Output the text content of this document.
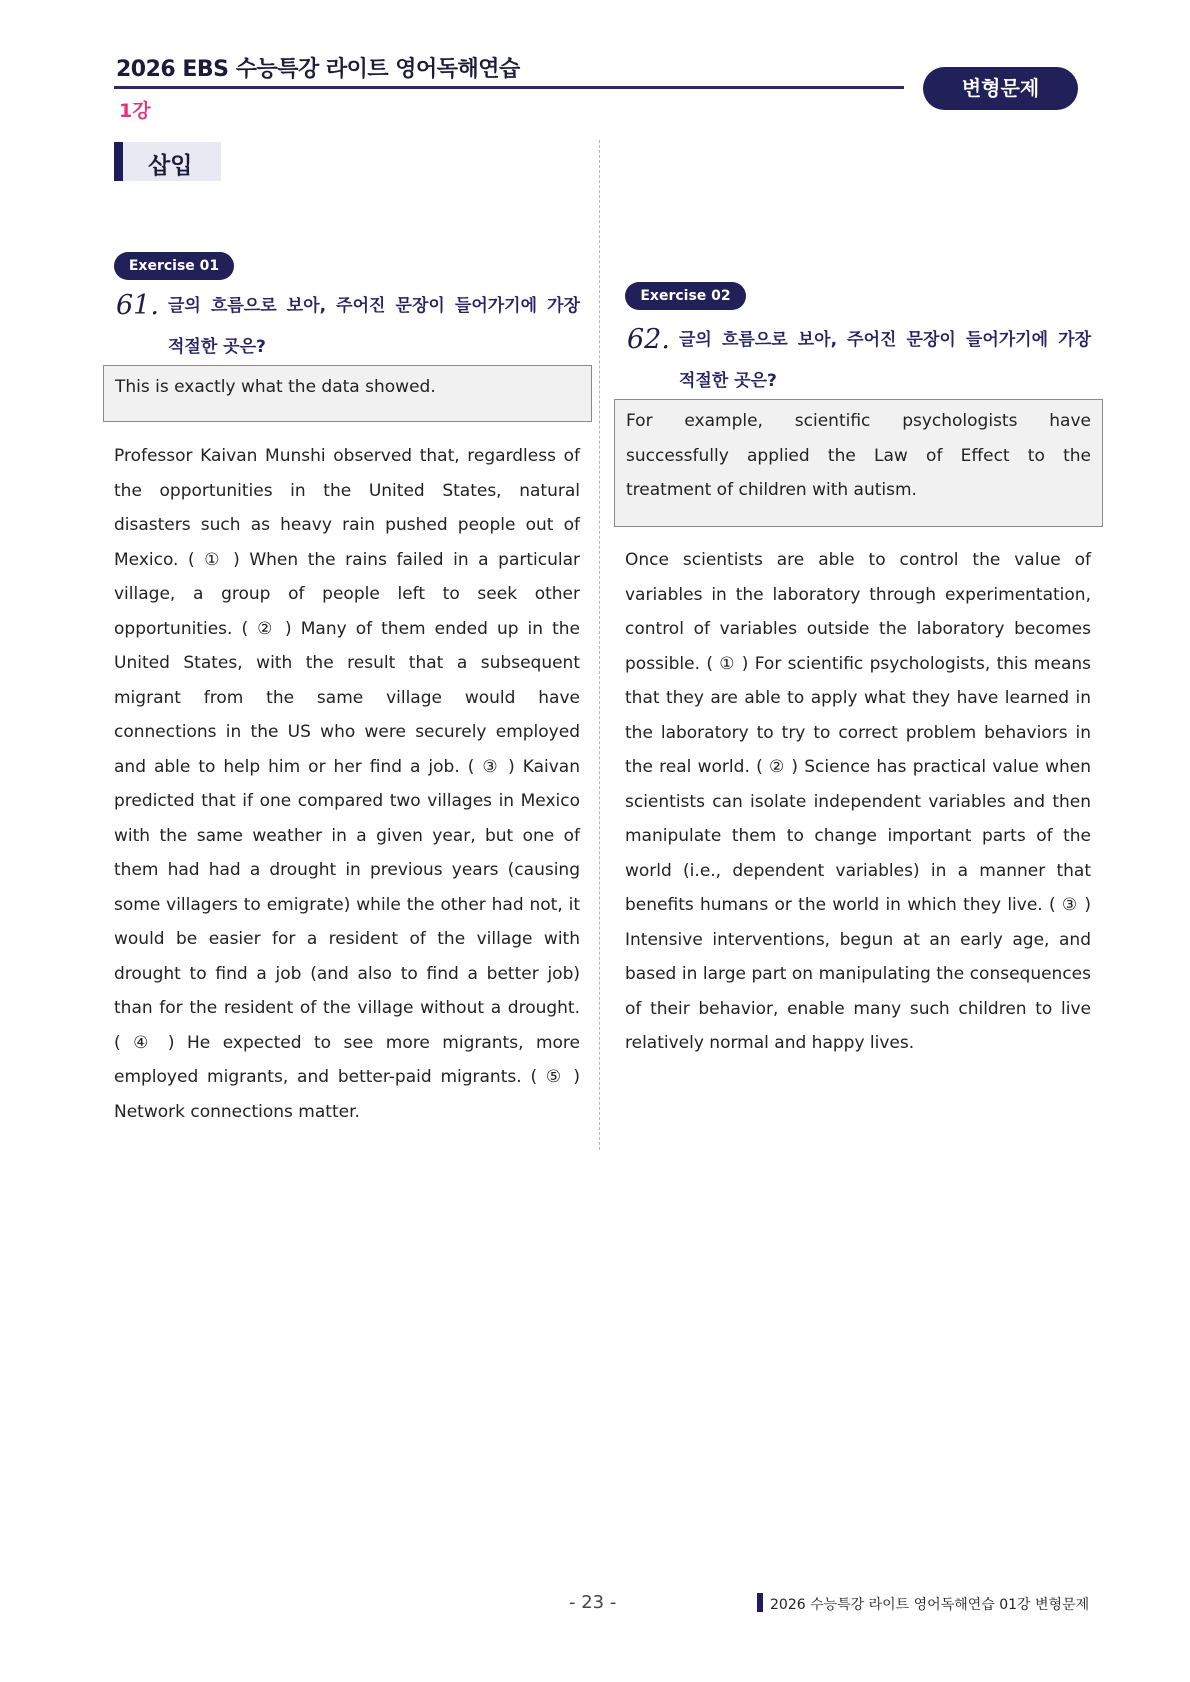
2026 EBS 수능특강 라이트 영어독해연습
1강
변형문제
삽입
Exercise 01
61. 글의 흐름으로 보아, 주어진 문장이 들어가기에 가장
적절한 곳은?
This is exactly what the data showed.
Professor Kaivan Munshi observed that, regardless of the opportunities in the United States, natural disasters such as heavy rain pushed people out of Mexico. ( ① ) When the rains failed in a particular village, a group of people left to seek other opportunities. ( ② ) Many of them ended up in the United States, with the result that a subsequent migrant from the same village would have connections in the US who were securely employed and able to help him or her find a job. ( ③ ) Kaivan predicted that if one compared two villages in Mexico with the same weather in a given year, but one of them had had a drought in previous years (causing some villagers to emigrate) while the other had not, it would be easier for a resident of the village with drought to find a job (and also to find a better job) than for the resident of the village without a drought. ( ④ ) He expected to see more migrants, more employed migrants, and better-paid migrants. ( ⑤ ) Network connections matter.
Exercise 02
62. 글의 흐름으로 보아, 주어진 문장이 들어가기에 가장
적절한 곳은?
For example, scientific psychologists have successfully applied the Law of Effect to the treatment of children with autism.
Once scientists are able to control the value of variables in the laboratory through experimentation, control of variables outside the laboratory becomes possible. ( ① ) For scientific psychologists, this means that they are able to apply what they have learned in the laboratory to try to correct problem behaviors in the real world. ( ② ) Science has practical value when scientists can isolate independent variables and then manipulate them to change important parts of the world (i.e., dependent variables) in a manner that benefits humans or the world in which they live. ( ③ ) Intensive interventions, begun at an early age, and based in large part on manipulating the consequences of their behavior, enable many such children to live relatively normal and happy lives.
- 23 -	2026 수능특강 라이트 영어독해연습 01강 변형문제
